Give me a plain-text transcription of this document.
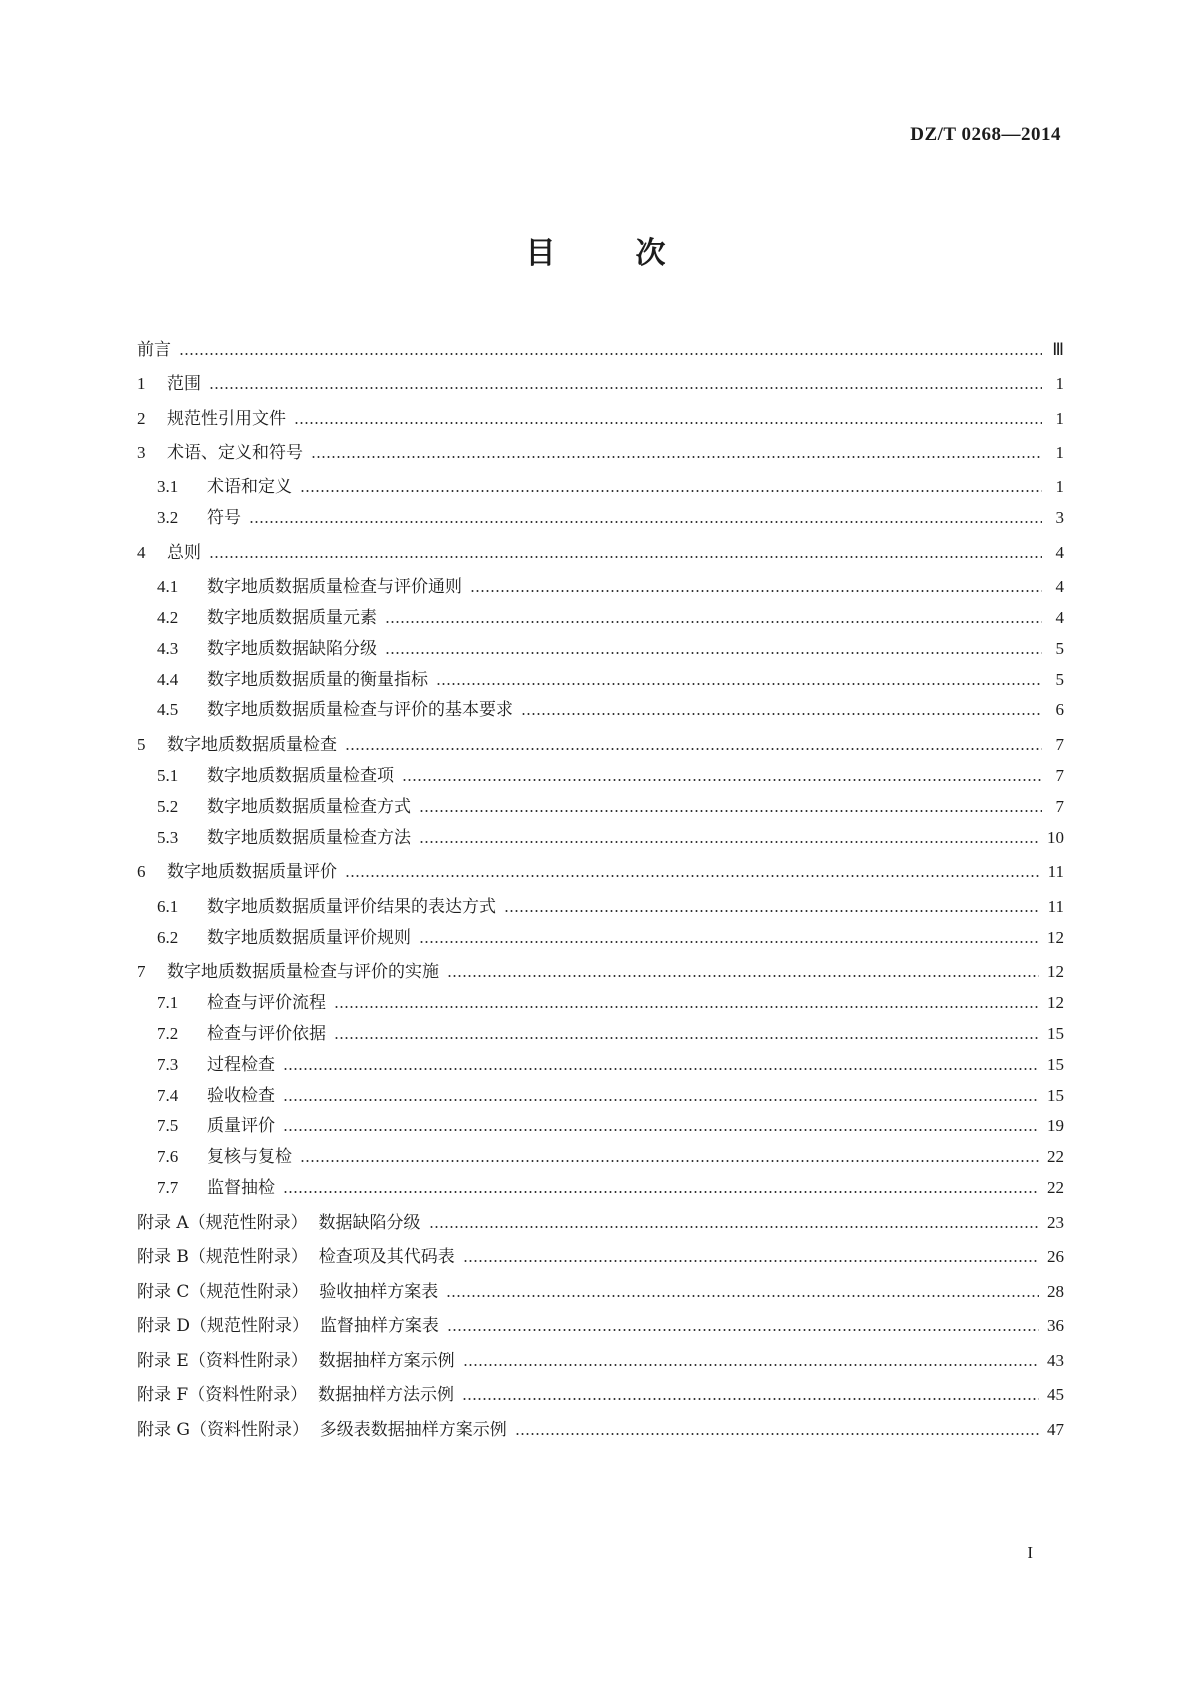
DZ/T 0268—2014
目	次
前言	Ⅲ
1	范围	1
2	规范性引用文件	1
3	术语、定义和符号	1
3.1	术语和定义	1
3.2	符号	3
4	总则	4
4.1	数字地质数据质量检查与评价通则	4
4.2	数字地质数据质量元素	4
4.3	数字地质数据缺陷分级	5
4.4	数字地质数据质量的衡量指标	5
4.5	数字地质数据质量检查与评价的基本要求	6
5	数字地质数据质量检查	7
5.1	数字地质数据质量检查项	7
5.2	数字地质数据质量检查方式	7
5.3	数字地质数据质量检查方法	10
6	数字地质数据质量评价	11
6.1	数字地质数据质量评价结果的表达方式	11
6.2	数字地质数据质量评价规则	12
7	数字地质数据质量检查与评价的实施	12
7.1	检查与评价流程	12
7.2	检查与评价依据	15
7.3	过程检查	15
7.4	验收检查	15
7.5	质量评价	19
7.6	复核与复检	22
7.7	监督抽检	22
附录 A（规范性附录）  数据缺陷分级	23
附录 B（规范性附录）  检查项及其代码表	26
附录 C（规范性附录）  验收抽样方案表	28
附录 D（规范性附录）  监督抽样方案表	36
附录 E（资料性附录）  数据抽样方案示例	43
附录 F（资料性附录）  数据抽样方法示例	45
附录 G（资料性附录）  多级表数据抽样方案示例	47
I
